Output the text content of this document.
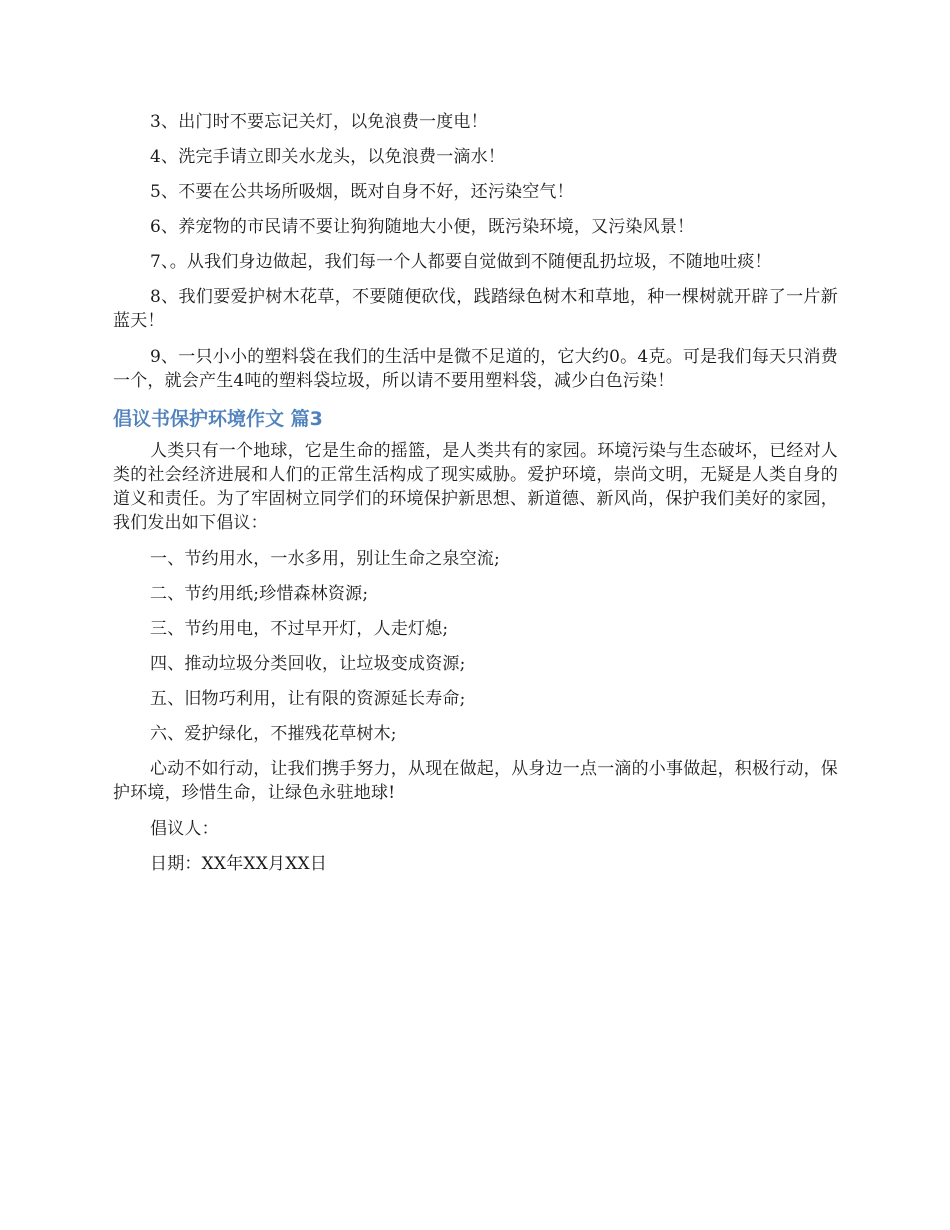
3、出门时不要忘记关灯，以免浪费一度电！

4、洗完手请立即关水龙头，以免浪费一滴水！

5、不要在公共场所吸烟，既对自身不好，还污染空气！

6、养宠物的市民请不要让狗狗随地大小便，既污染环境，又污染风景！

7、。从我们身边做起，我们每一个人都要自觉做到不随便乱扔垃圾，不随地吐痰！

8、我们要爱护树木花草，不要随便砍伐，践踏绿色树木和草地，种一棵树就开辟了一片新蓝天！

9、一只小小的塑料袋在我们的生活中是微不足道的，它大约0。4克。可是我们每天只消费一个，就会产生4吨的塑料袋垃圾，所以请不要用塑料袋，减少白色污染！

倡议书保护环境作文 篇3

人类只有一个地球，它是生命的摇篮，是人类共有的家园。环境污染与生态破坏，已经对人类的社会经济进展和人们的正常生活构成了现实威胁。爱护环境，崇尚文明，无疑是人类自身的道义和责任。为了牢固树立同学们的环境保护新思想、新道德、新风尚，保护我们美好的家园，我们发出如下倡议：

一、节约用水，一水多用，别让生命之泉空流;

二、节约用纸;珍惜森林资源;

三、节约用电，不过早开灯，人走灯熄;

四、推动垃圾分类回收，让垃圾变成资源;

五、旧物巧利用，让有限的资源延长寿命;

六、爱护绿化，不摧残花草树木;

心动不如行动，让我们携手努力，从现在做起，从身边一点一滴的小事做起，积极行动，保护环境，珍惜生命，让绿色永驻地球!

倡议人：

日期：XX年XX月XX日
